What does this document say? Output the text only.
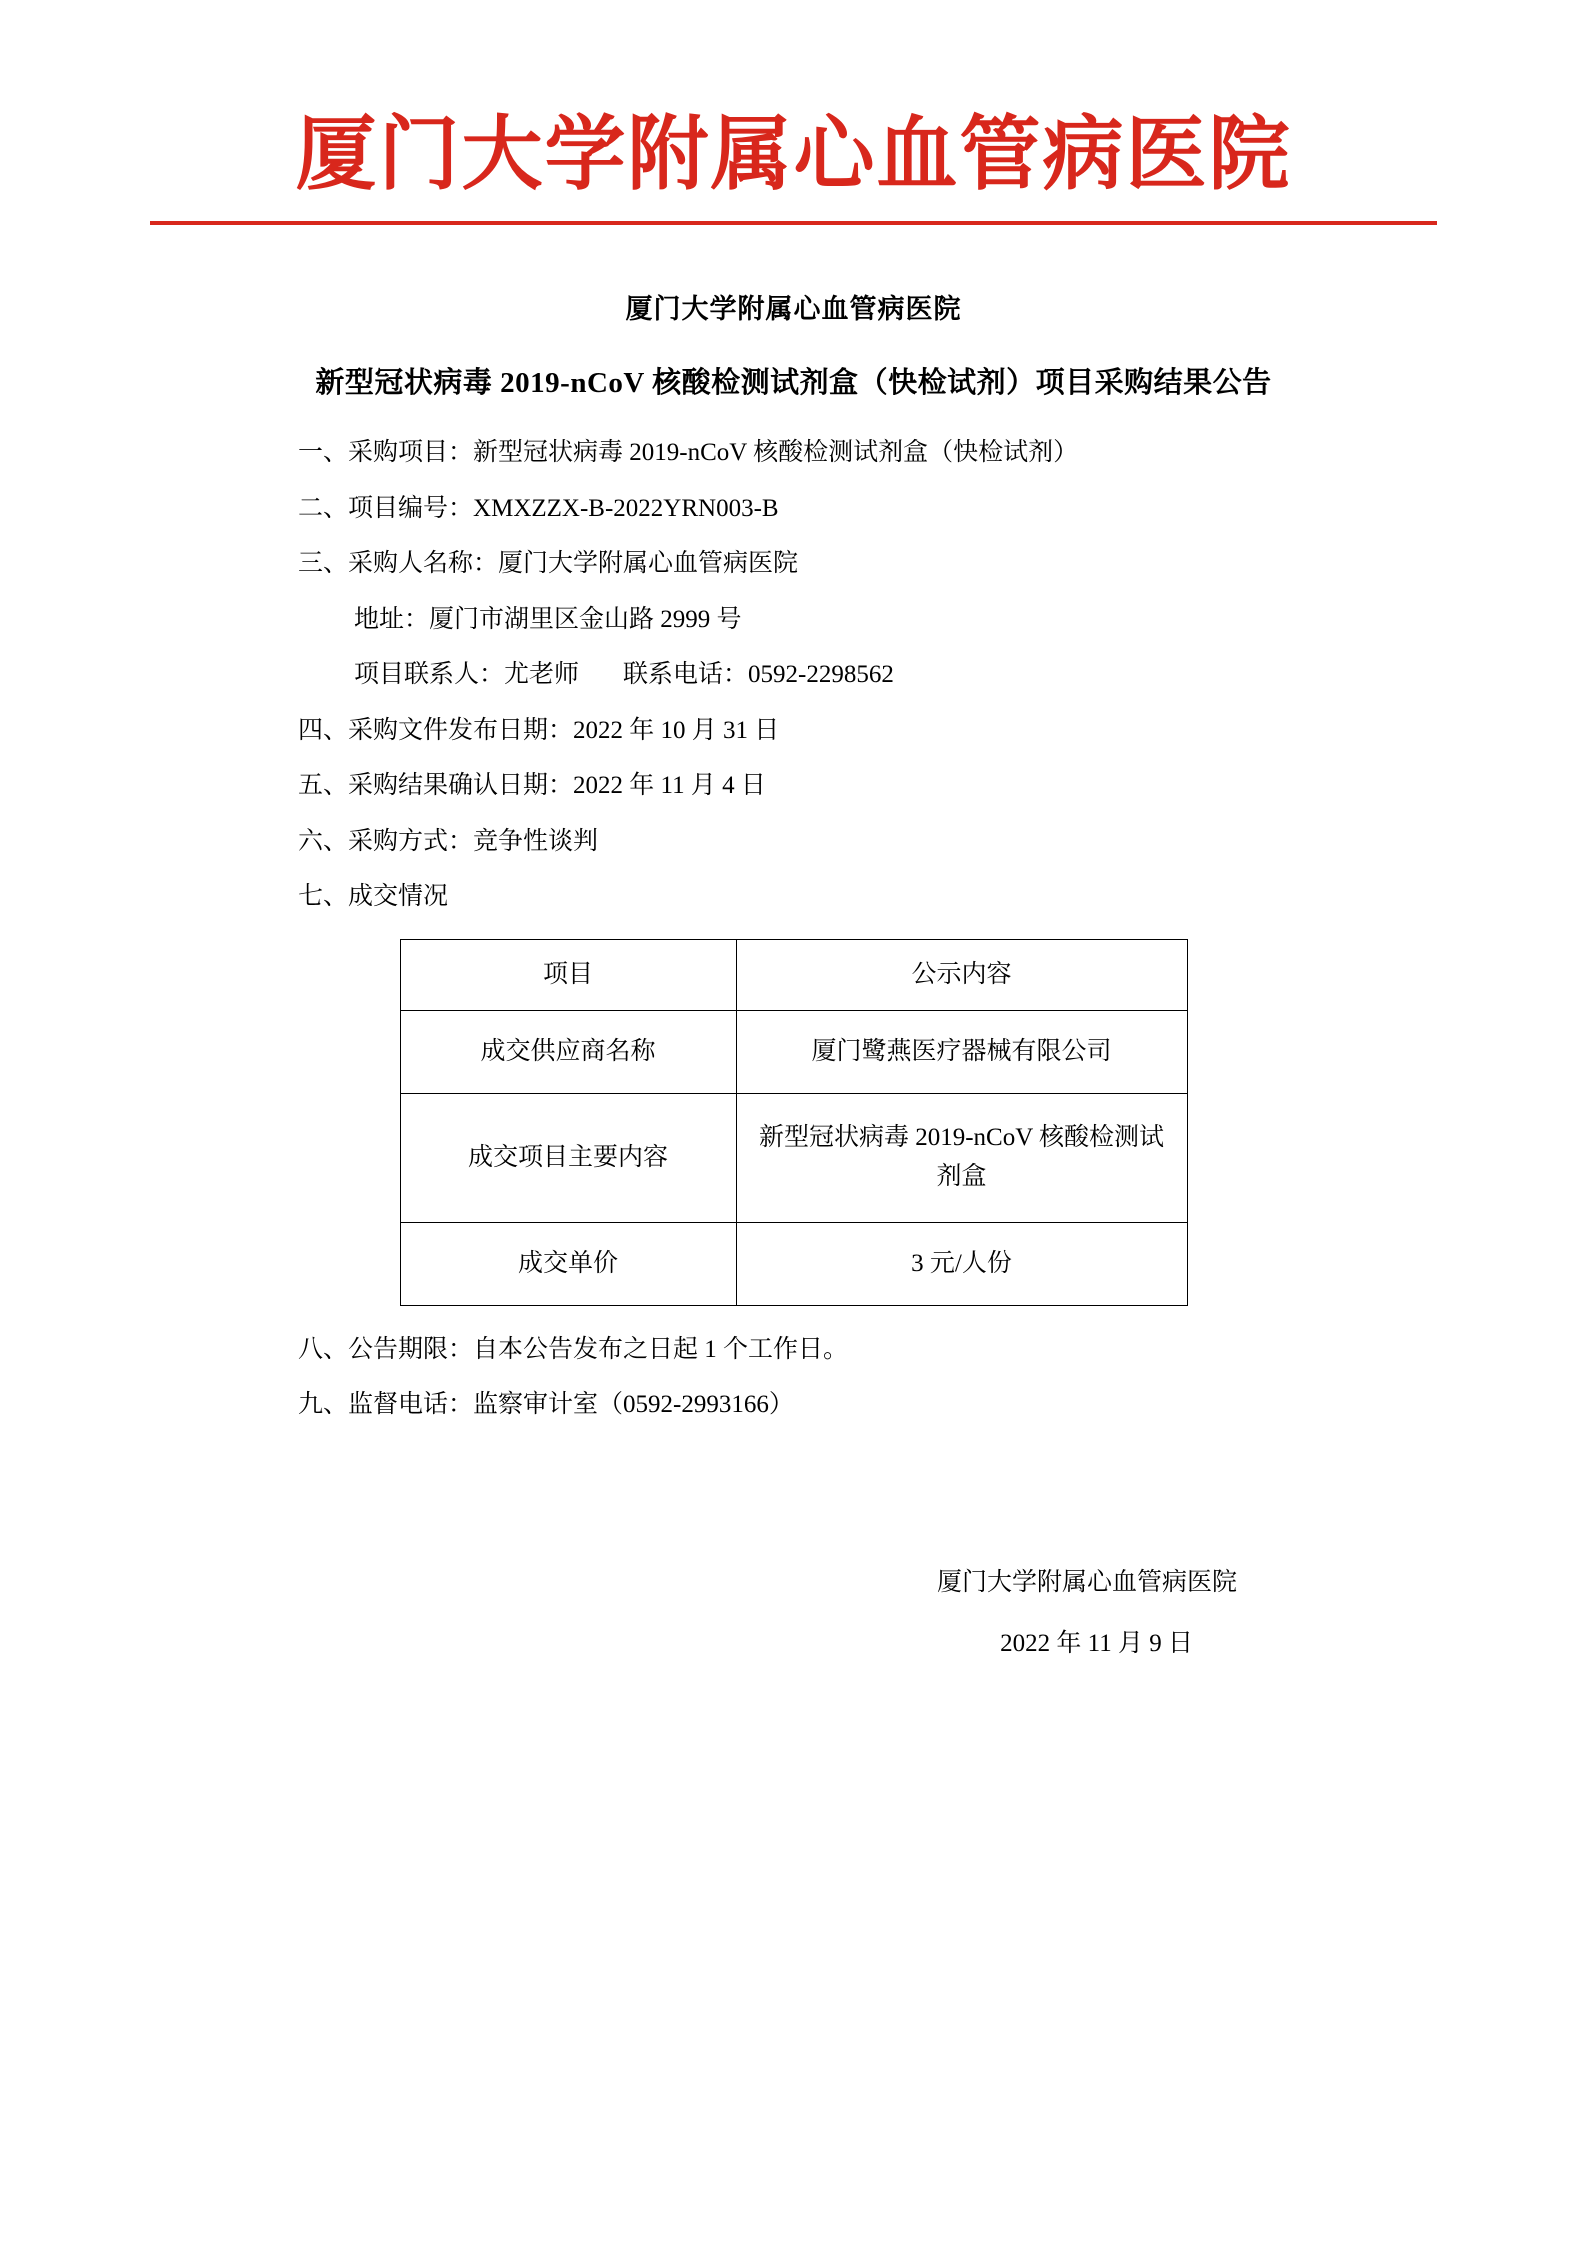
厦门大学附属心血管病医院
厦门大学附属心血管病医院
新型冠状病毒 2019-nCoV 核酸检测试剂盒（快检试剂）项目采购结果公告
一、采购项目：新型冠状病毒 2019-nCoV 核酸检测试剂盒（快检试剂）
二、项目编号：XMXZZX-B-2022YRN003-B
三、采购人名称：厦门大学附属心血管病医院
地址：厦门市湖里区金山路 2999 号
项目联系人：尤老师 联系电话：0592-2298562
四、采购文件发布日期：2022 年 10 月 31 日
五、采购结果确认日期：2022 年 11 月 4 日
六、采购方式：竞争性谈判
七、成交情况
项目	公示内容
成交供应商名称	厦门鹭燕医疗器械有限公司
成交项目主要内容	新型冠状病毒 2019-nCoV 核酸检测试剂盒
成交单价	3 元/人份
八、公告期限：自本公告发布之日起 1 个工作日。
九、监督电话：监察审计室（0592-2993166）
厦门大学附属心血管病医院
2022 年 11 月 9 日
